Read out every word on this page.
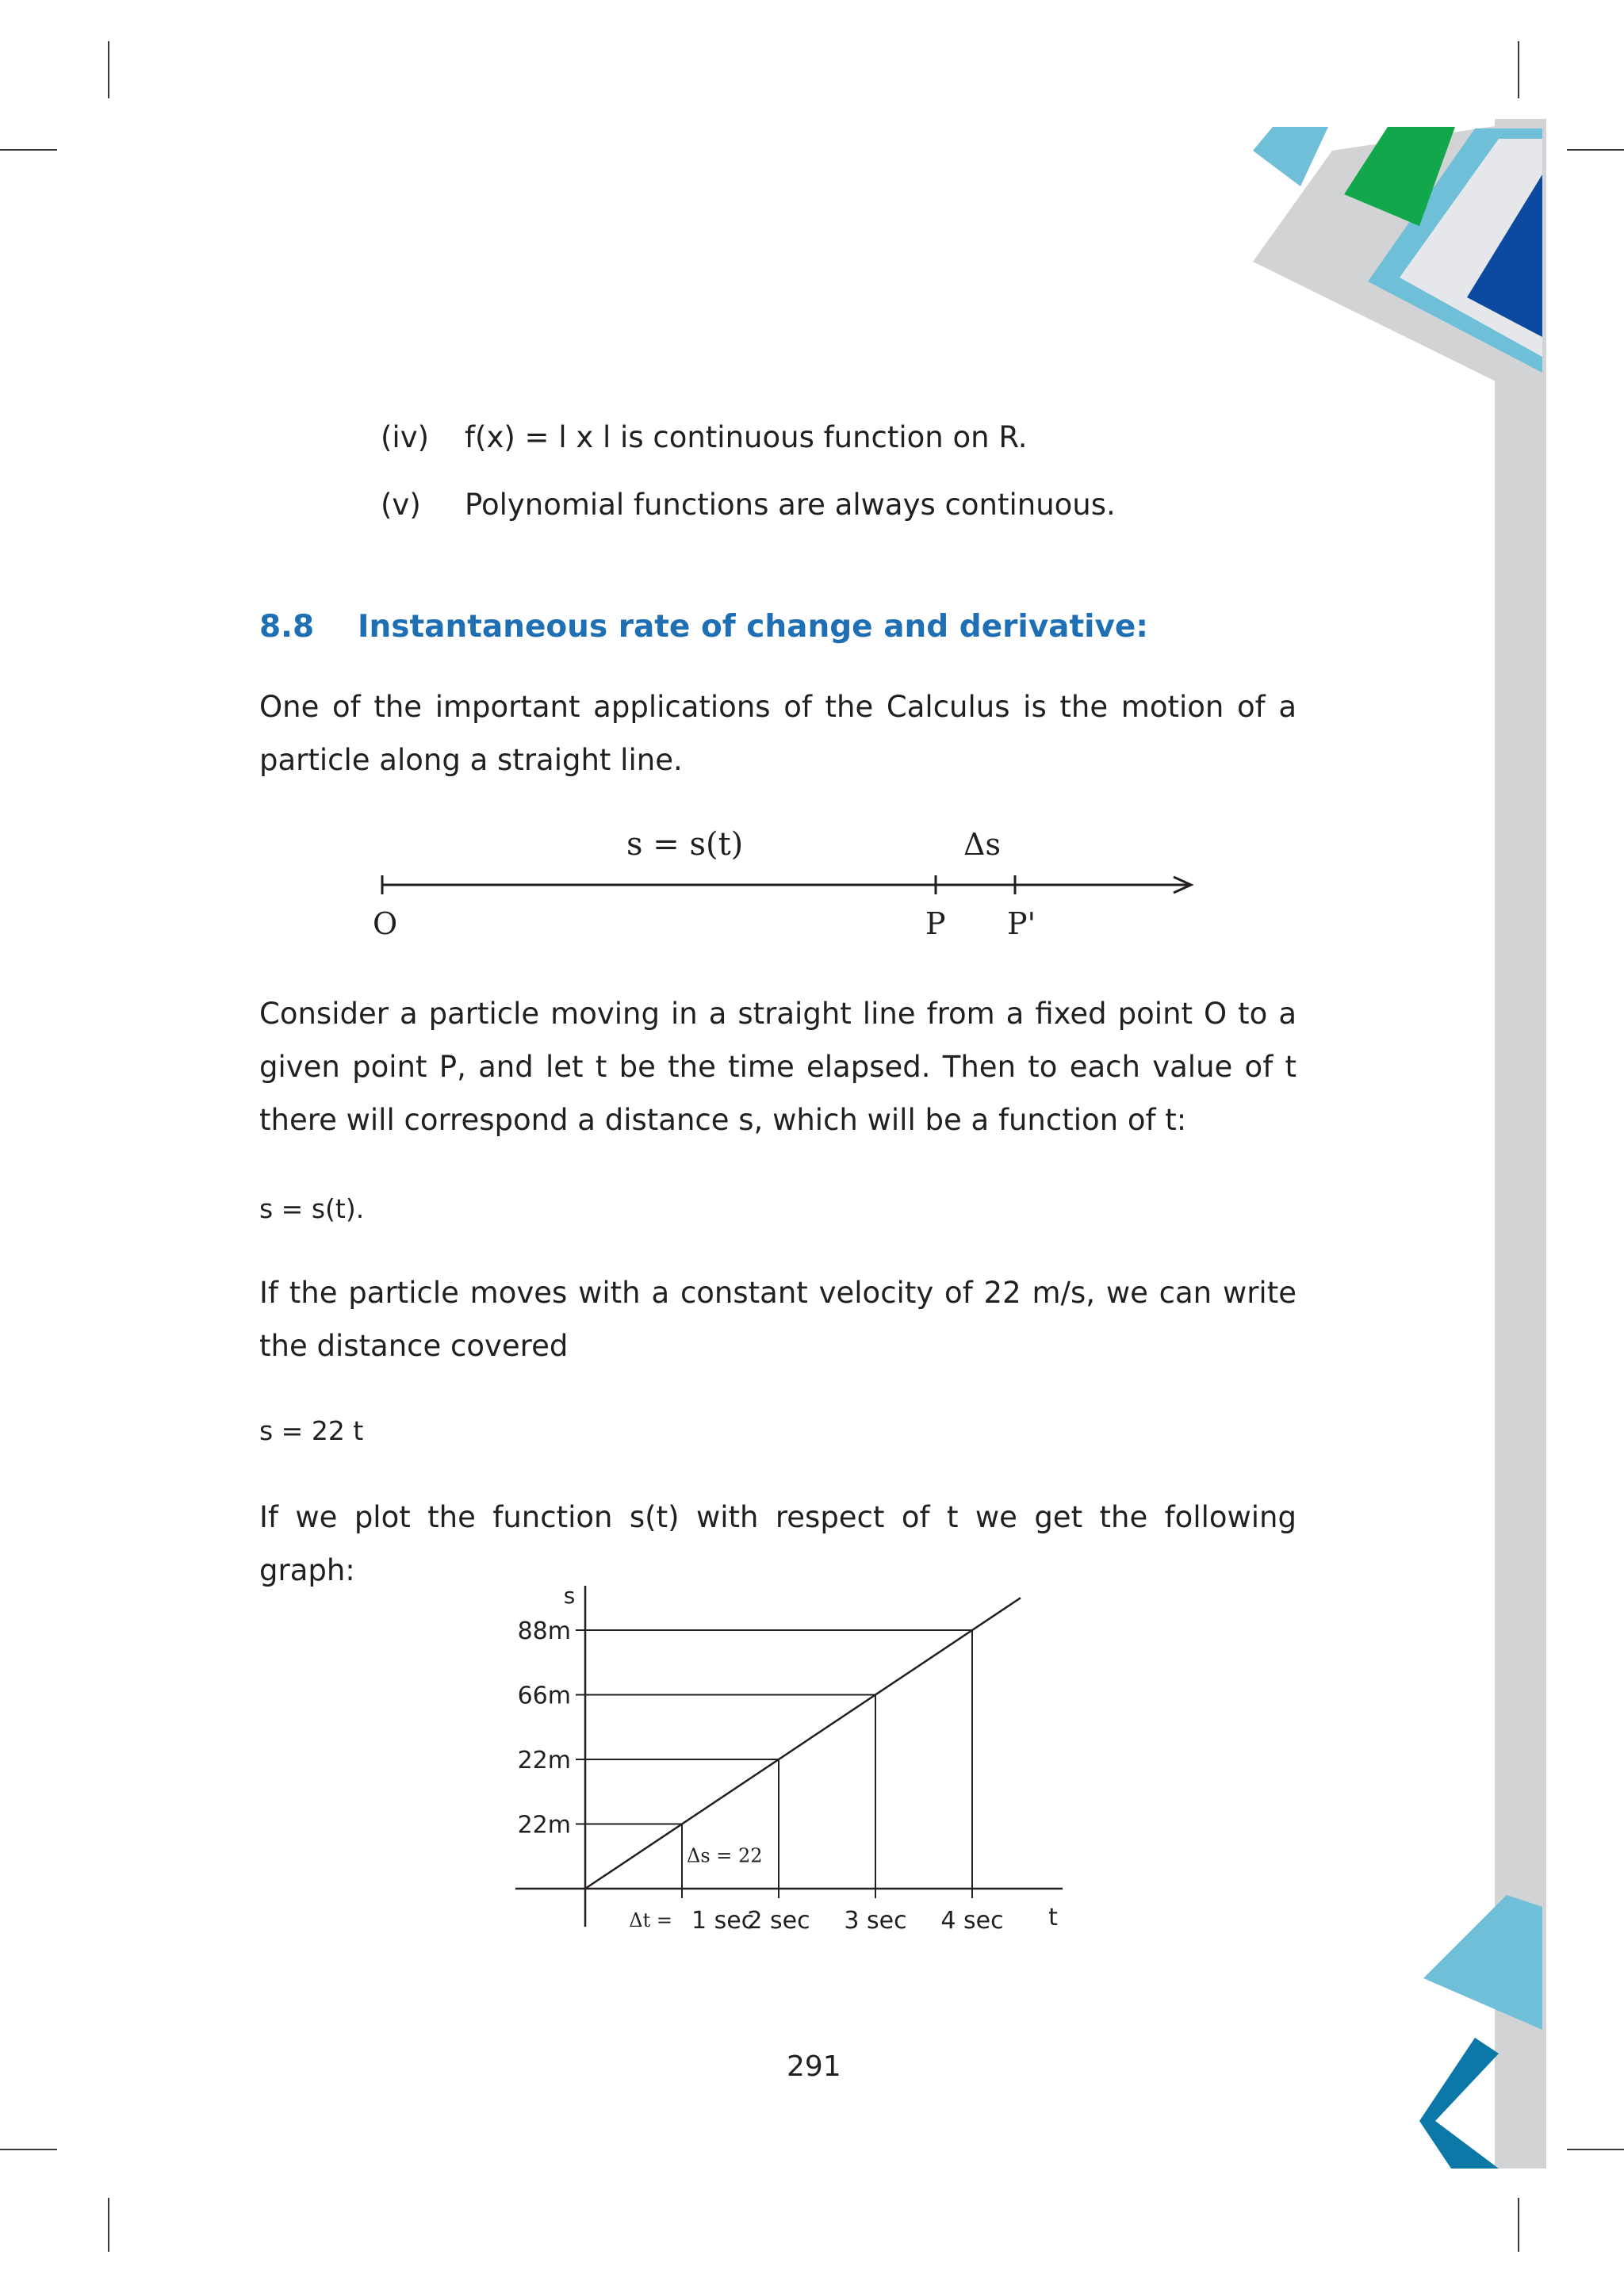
(iv) f(x) = l x l is continuous function on R.
(v) Polynomial functions are always continuous.
8.8 Instantaneous rate of change and derivative:
One of the important applications of the Calculus is the motion of a particle along a straight line.
s = s(t)	Δs
O	P P'
Consider a particle moving in a straight line from a fixed point O to a given point P, and let t be the time elapsed. Then to each value of t there will correspond a distance s, which will be a function of t:
s = s(t).
If the particle moves with a constant velocity of 22 m/s, we can write the distance covered
s = 22 t
If we plot the function s(t) with respect of t we get the following graph:
s
t
22m
22m
66m
88m
1 sec
2 sec 3 sec 4 sec
Δt =
Δs = 22
291
